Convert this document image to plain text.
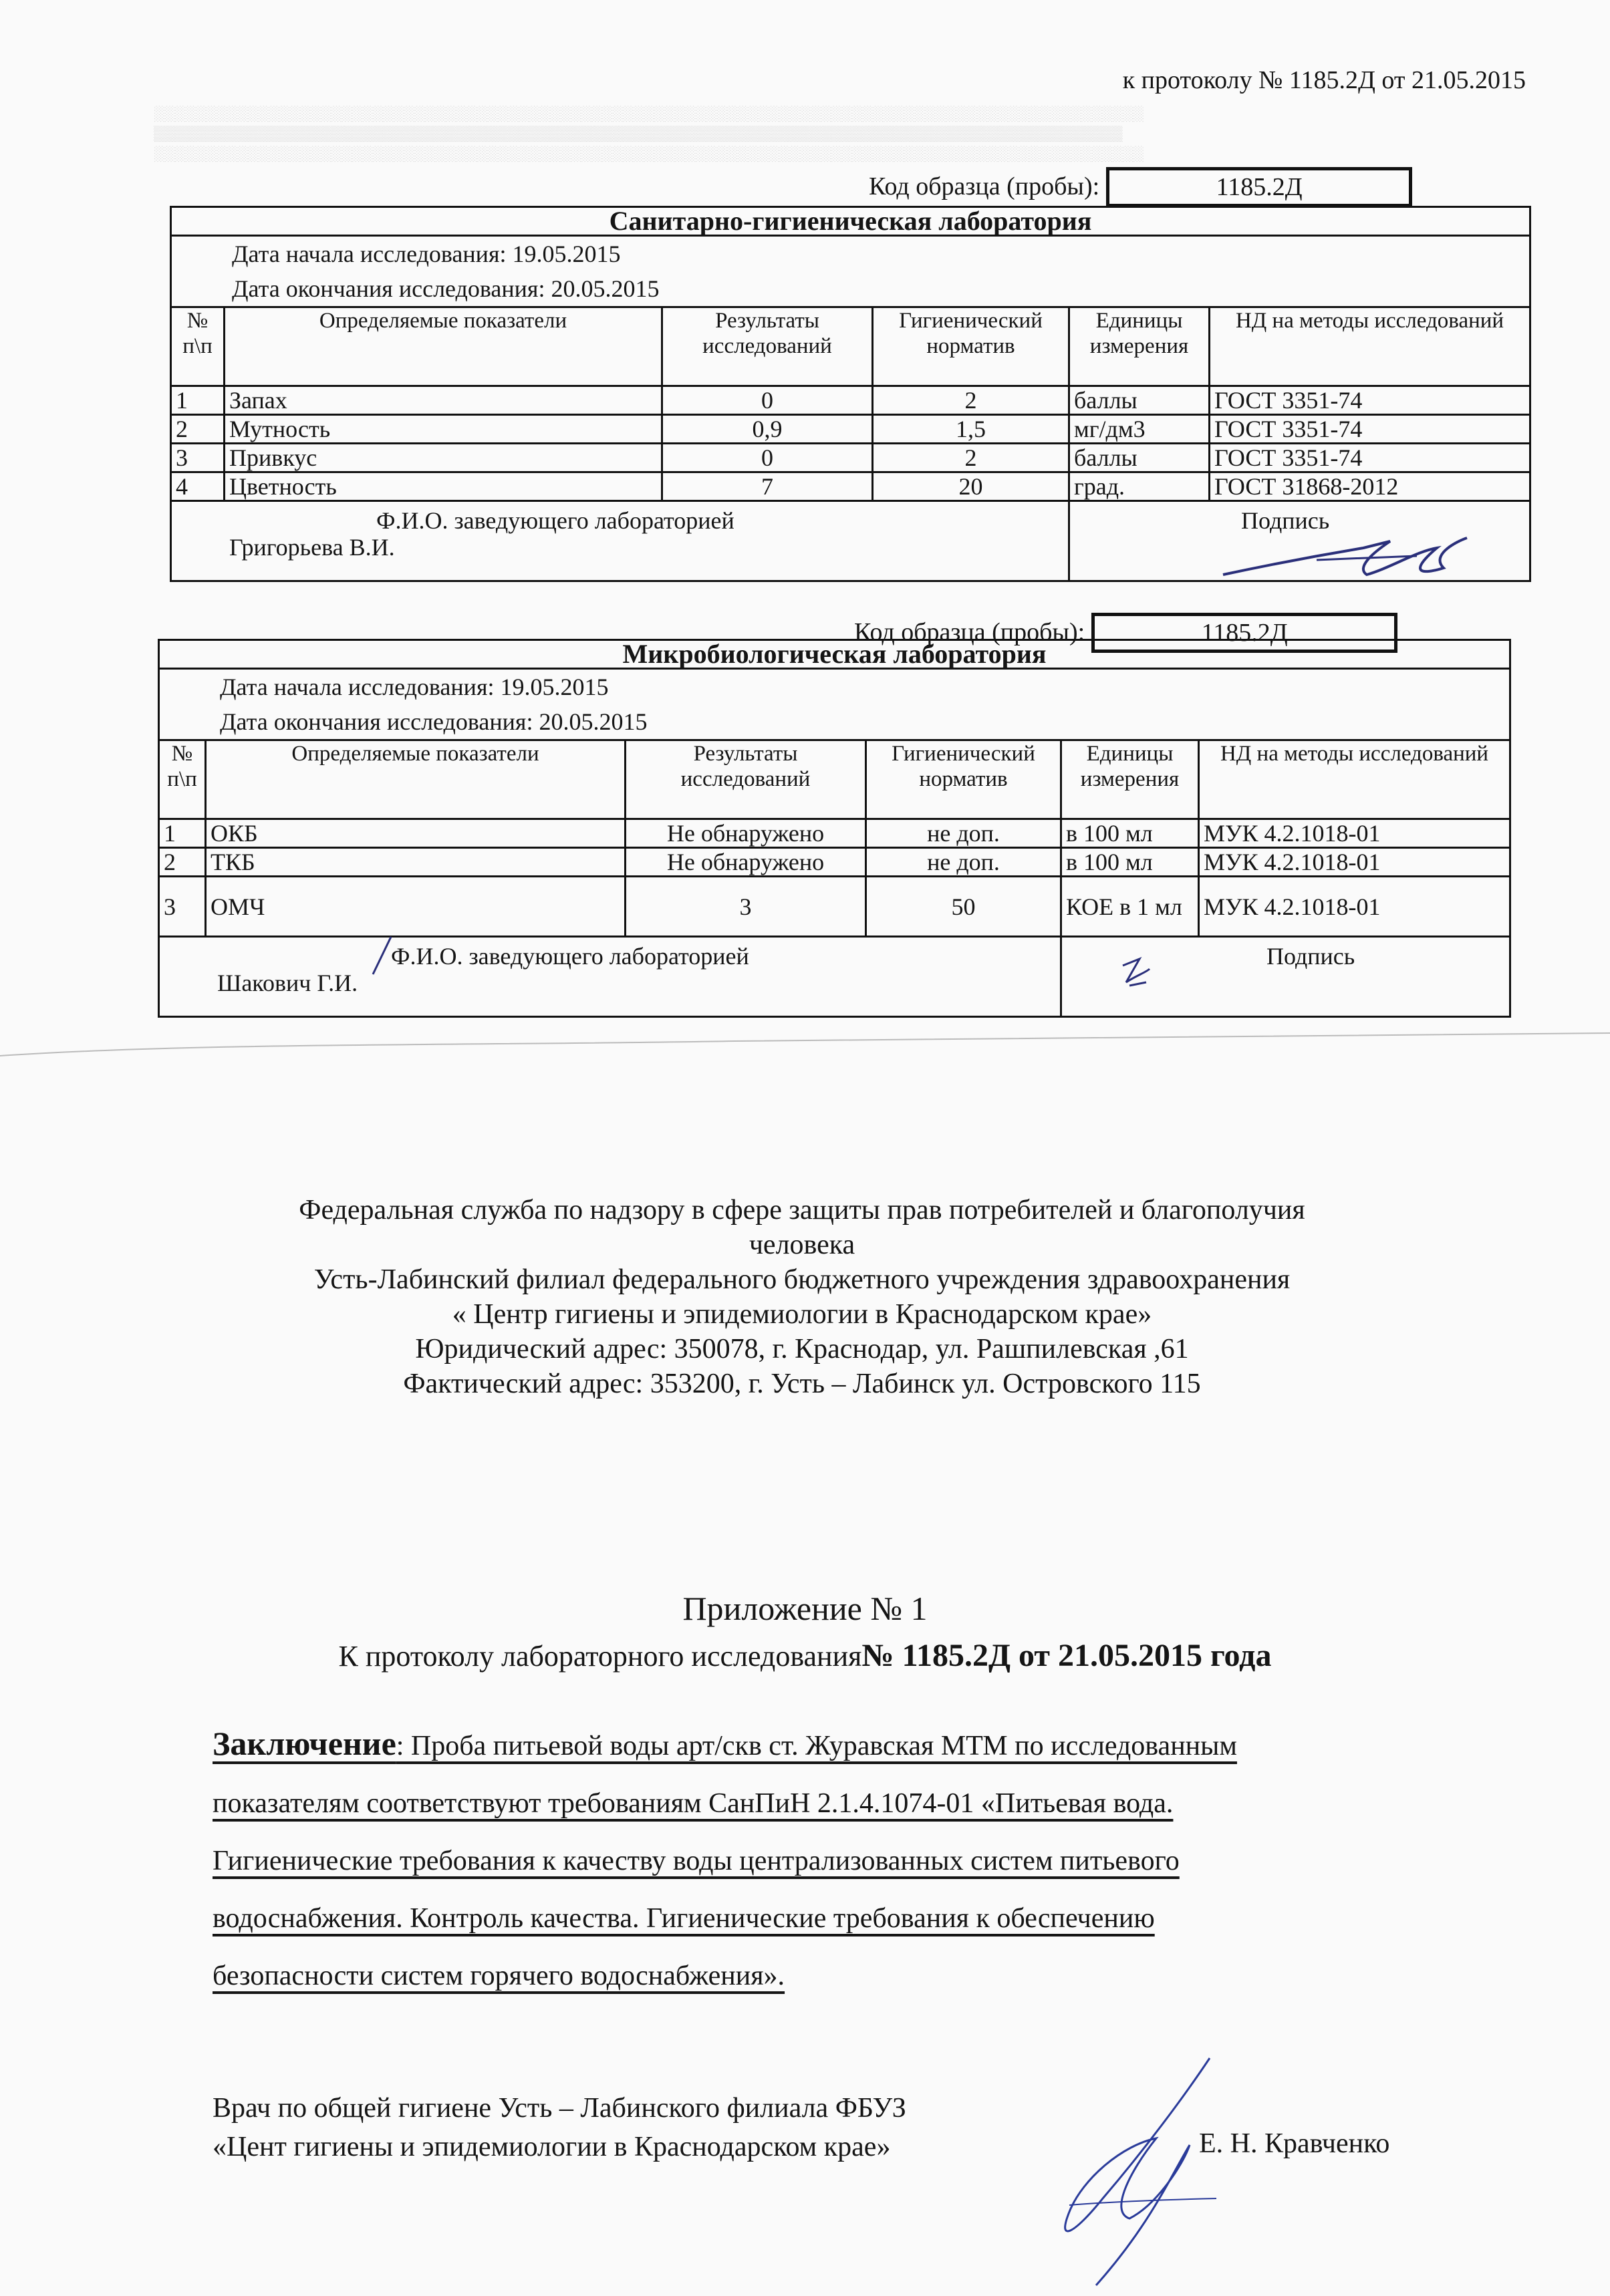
░░░░░░░░░░░░░░░░░░░░░░░░░░░░░░░░░░░░░░░░░░░░░░░░░░░░░░░░░░░░░░░░░░░░░░░░░░░░░░░░░░░░░░░░░░░░░░░
▒▒▒▒▒▒▒▒▒▒▒▒▒▒▒▒▒▒▒▒▒▒▒▒▒▒▒▒▒▒▒▒▒▒▒▒▒▒▒▒▒▒▒▒▒▒▒▒▒▒▒▒▒▒▒▒▒▒▒▒▒▒▒▒▒▒▒▒▒▒▒▒▒▒▒▒▒▒▒▒▒▒▒▒▒▒▒▒▒▒▒▒▒
░░░░░░░░░░░░░░░░░░░░░░░░░░░░░░░░░░░░░░░░░░░░░░░░░░░░░░░░░░░░░░░░░░░░░░░░░░░░░░░░░░░░░░░░░░░░░░░
к протоколу № 1185.2Д от 21.05.2015
Код образца (пробы):	1185.2Д
Санитарно-гигиеническая лаборатория					

Дата начала исследования: 19.05.2015
Дата окончания исследования: 20.05.2015					

№ п\п	Определяемые показатели	Результаты исследований	Гигиенический норматив	Единицы измерения	НД на методы исследований
1	Запах	0	2	баллы	ГОСТ 3351-74
2	Мутность	0,9	1,5	мг/дм3	ГОСТ 3351-74
3	Привкус	0	2	баллы	ГОСТ 3351-74
4	Цветность	7	20	град.	ГОСТ 31868-2012

Ф.И.О. заведующего лабораторией
Григорьева В.И.				Подпись	
Код образца (пробы):	1185.2Д
Микробиологическая лаборатория					

Дата начала исследования: 19.05.2015
Дата окончания исследования: 20.05.2015					

№ п\п	Определяемые показатели	Результаты исследований	Гигиенический норматив	Единицы измерения	НД на методы исследований
1	ОКБ	Не обнаружено	не доп.	в 100 мл	МУК 4.2.1018-01
2	ТКБ	Не обнаружено	не доп.	в 100 мл	МУК 4.2.1018-01
3	ОМЧ	3	50	КОЕ в 1 мл	МУК 4.2.1018-01

Ф.И.О. заведующего лабораторией
Шакович Г.И.				Подпись	
Федеральная служба по надзору в сфере защиты прав потребителей и благополучия
человека
Усть-Лабинский филиал федерального бюджетного учреждения здравоохранения
« Центр гигиены и эпидемиологии в Краснодарском крае»
Юридический адрес: 350078, г. Краснодар, ул. Рашпилевская ,61
Фактический адрес: 353200, г. Усть – Лабинск ул. Островского 115
Приложение № 1
К протоколу лабораторного исследования№ 1185.2Д от 21.05.2015 года
Заключение: Проба питьевой воды арт/скв ст. Журавская МТМ по исследованным
показателям соответствуют требованиям СанПиН 2.1.4.1074-01 «Питьевая вода.
Гигиенические требования к качеству воды централизованных систем питьевого
водоснабжения. Контроль качества. Гигиенические требования к обеспечению
безопасности систем горячего водоснабжения».
Врач по общей гигиене Усть – Лабинского филиала ФБУЗ
«Цент гигиены и эпидемиологии в Краснодарском крае»	Е. Н. Кравченко
